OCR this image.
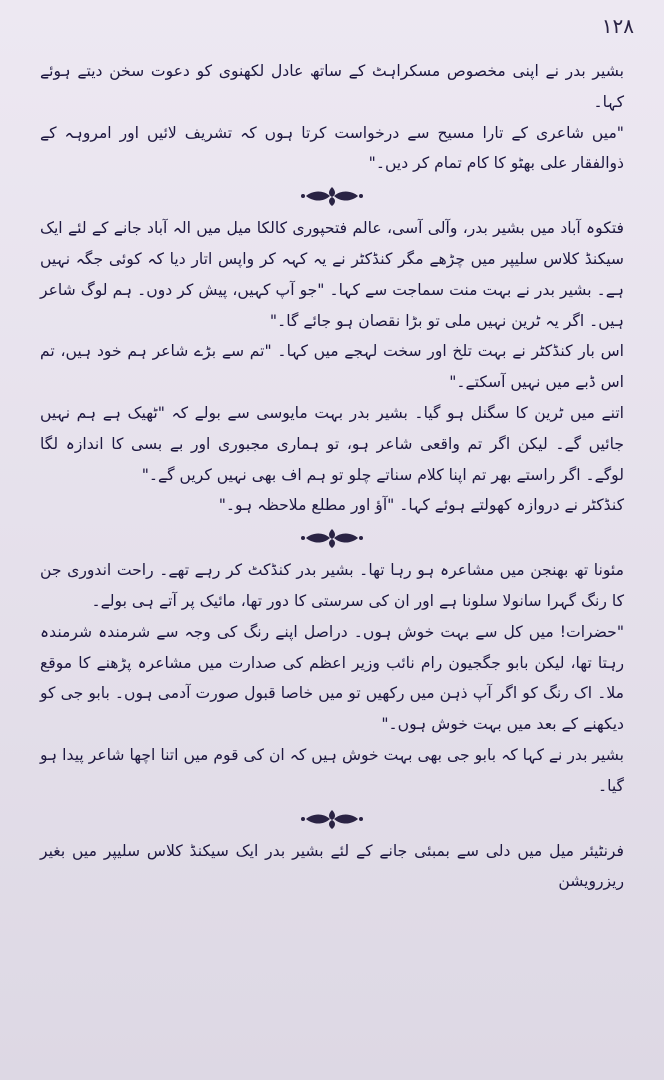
۱۲۸

بشیر بدر نے اپنی مخصوص مسکراہٹ کے ساتھ عادل لکھنوی کو دعوت سخن دیتے ہوئے کہا۔

"میں شاعری کے تارا مسیح سے درخواست کرتا ہوں کہ تشریف لائیں اور امروہہ کے ذوالفقار علی بھٹو کا کام تمام کر دیں۔"

فتکوہ آباد میں بشیر بدر، وآلی آسی، عالم فتحپوری کالکا میل میں الہ آباد جانے کے لئے ایک سیکنڈ کلاس سلیپر میں چڑھے مگر کنڈکٹر نے یہ کہہ کر واپس اتار دیا کہ کوئی جگہ نہیں ہے۔ بشیر بدر نے بہت منت سماجت سے کہا۔ "جو آپ کہیں، پیش کر دوں۔ ہم لوگ شاعر ہیں۔ اگر یہ ٹرین نہیں ملی تو بڑا نقصان ہو جائے گا۔"

اس بار کنڈکٹر نے بہت تلخ اور سخت لہجے میں کہا۔ "تم سے بڑے شاعر ہم خود ہیں، تم اس ڈبے میں نہیں آسکتے۔"

اتنے میں ٹرین کا سگنل ہو گیا۔ بشیر بدر بہت مایوسی سے بولے کہ "ٹھیک ہے ہم نہیں جائیں گے۔ لیکن اگر تم واقعی شاعر ہو، تو ہماری مجبوری اور بے بسی کا اندازہ لگا لوگے۔ اگر راستے بھر تم اپنا کلام سناتے چلو تو ہم اف بھی نہیں کریں گے۔"

کنڈکٹر نے دروازہ کھولتے ہوئے کہا۔ "آؤ اور مطلع ملاحظہ ہو۔"

مئونا تھ بھنجن میں مشاعرہ ہو رہا تھا۔ بشیر بدر کنڈکٹ کر رہے تھے۔ راحت اندوری جن کا رنگ گہرا سانولا سلونا ہے اور ان کی سرستی کا دور تھا، مائیک پر آتے ہی بولے۔

"حضرات! میں کل سے بہت خوش ہوں۔ دراصل اپنے رنگ کی وجہ سے شرمندہ شرمندہ رہتا تھا، لیکن بابو جگجیون رام نائب وزیر اعظم کی صدارت میں مشاعرہ پڑھنے کا موقع ملا۔ اک رنگ کو اگر آپ ذہن میں رکھیں تو میں خاصا قبول صورت آدمی ہوں۔ بابو جی کو دیکھنے کے بعد میں بہت خوش ہوں۔"

بشیر بدر نے کہا کہ بابو جی بھی بہت خوش ہیں کہ ان کی قوم میں اتنا اچھا شاعر پیدا ہو گیا۔

فرنٹیئر میل میں دلی سے بمبئی جانے کے لئے بشیر بدر ایک سیکنڈ کلاس سلیپر میں بغیر ریزرویشن
